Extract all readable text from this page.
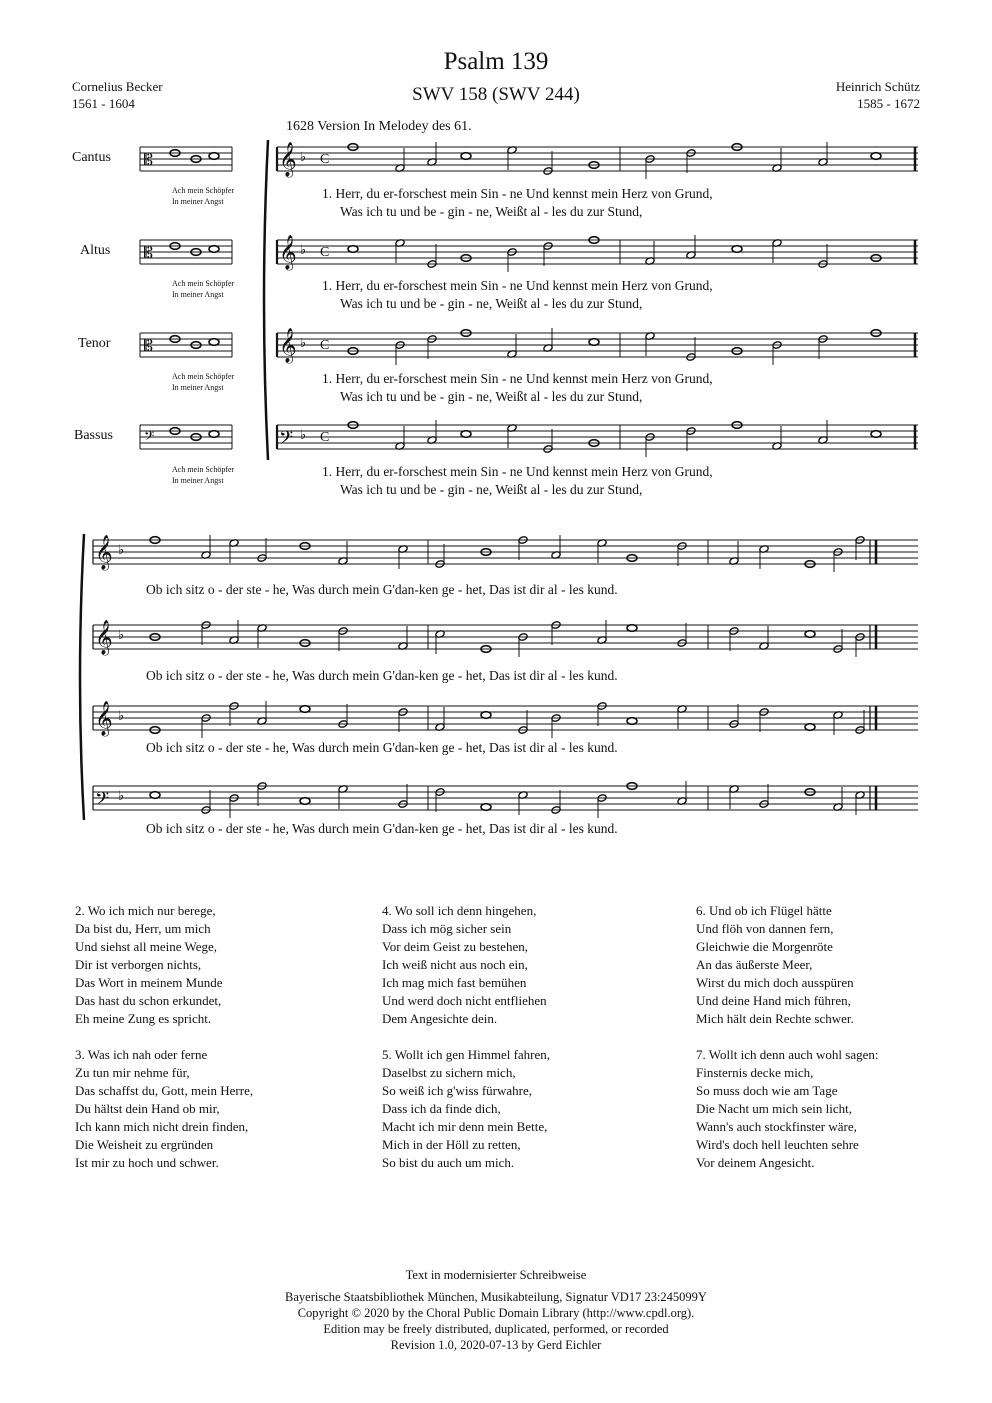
Psalm 139
SWV 158 (SWV 244)
Cornelius Becker
1561 - 1604
Heinrich Schütz
1585 - 1672
1628 Version In Melodey des 61.
𝄡	𝄞 ♭ C
𝄡	𝄞 ♭ C
𝄡	𝄞 ♭ C
𝄢	𝄢 ♭ C
𝄞 ♭
𝄞 ♭
𝄞 ♭
𝄢 ♭
Cantus
Altus
Tenor
Bassus
Ach mein Schöpfer
In meiner Angst
Ach mein Schöpfer
In meiner Angst
Ach mein Schöpfer
In meiner Angst
Ach mein Schöpfer
In meiner Angst
1. Herr, du er-forschest mein Sin - ne Und kennst mein Herz von Grund,
Was ich tu und be - gin - ne, Weißt al - les du zur Stund,
1. Herr, du er-forschest mein Sin - ne Und kennst mein Herz von Grund,
Was ich tu und be - gin - ne, Weißt al - les du zur Stund,
1. Herr, du er-forschest mein Sin - ne Und kennst mein Herz von Grund,
Was ich tu und be - gin - ne, Weißt al - les du zur Stund,
1. Herr, du er-forschest mein Sin - ne Und kennst mein Herz von Grund,
Was ich tu und be - gin - ne, Weißt al - les du zur Stund,
Ob ich sitz o - der ste - he, Was durch mein G'dan-ken ge - het, Das ist dir al - les kund.
Ob ich sitz o - der ste - he, Was durch mein G'dan-ken ge - het, Das ist dir al - les kund.
Ob ich sitz o - der ste - he, Was durch mein G'dan-ken ge - het, Das ist dir al - les kund.
Ob ich sitz o - der ste - he, Was durch mein G'dan-ken ge - het, Das ist dir al - les kund.
2. Wo ich mich nur berege,
Da bist du, Herr, um mich
Und siehst all meine Wege,
Dir ist verborgen nichts,
Das Wort in meinem Munde
Das hast du schon erkundet,
Eh meine Zung es spricht.
3. Was ich nah oder ferne
Zu tun mir nehme für,
Das schaffst du, Gott, mein Herre,
Du hältst dein Hand ob mir,
Ich kann mich nicht drein finden,
Die Weisheit zu ergründen
Ist mir zu hoch und schwer.
4. Wo soll ich denn hingehen,
Dass ich mög sicher sein
Vor deim Geist zu bestehen,
Ich weiß nicht aus noch ein,
Ich mag mich fast bemühen
Und werd doch nicht entfliehen
Dem Angesichte dein.
5. Wollt ich gen Himmel fahren,
Daselbst zu sichern mich,
So weiß ich g'wiss fürwahre,
Dass ich da finde dich,
Macht ich mir denn mein Bette,
Mich in der Höll zu retten,
So bist du auch um mich.
6. Und ob ich Flügel hätte
Und flöh von dannen fern,
Gleichwie die Morgenröte
An das äußerste Meer,
Wirst du mich doch ausspüren
Und deine Hand mich führen,
Mich hält dein Rechte schwer.
7. Wollt ich denn auch wohl sagen:
Finsternis decke mich,
So muss doch wie am Tage
Die Nacht um mich sein licht,
Wann's auch stockfinster wäre,
Wird's doch hell leuchten sehre
Vor deinem Angesicht.
Text in modernisierter Schreibweise
Bayerische Staatsbibliothek München, Musikabteilung, Signatur VD17 23:245099Y
Copyright © 2020 by the Choral Public Domain Library (http://www.cpdl.org).
Edition may be freely distributed, duplicated, performed, or recorded
Revision 1.0, 2020-07-13 by Gerd Eichler
